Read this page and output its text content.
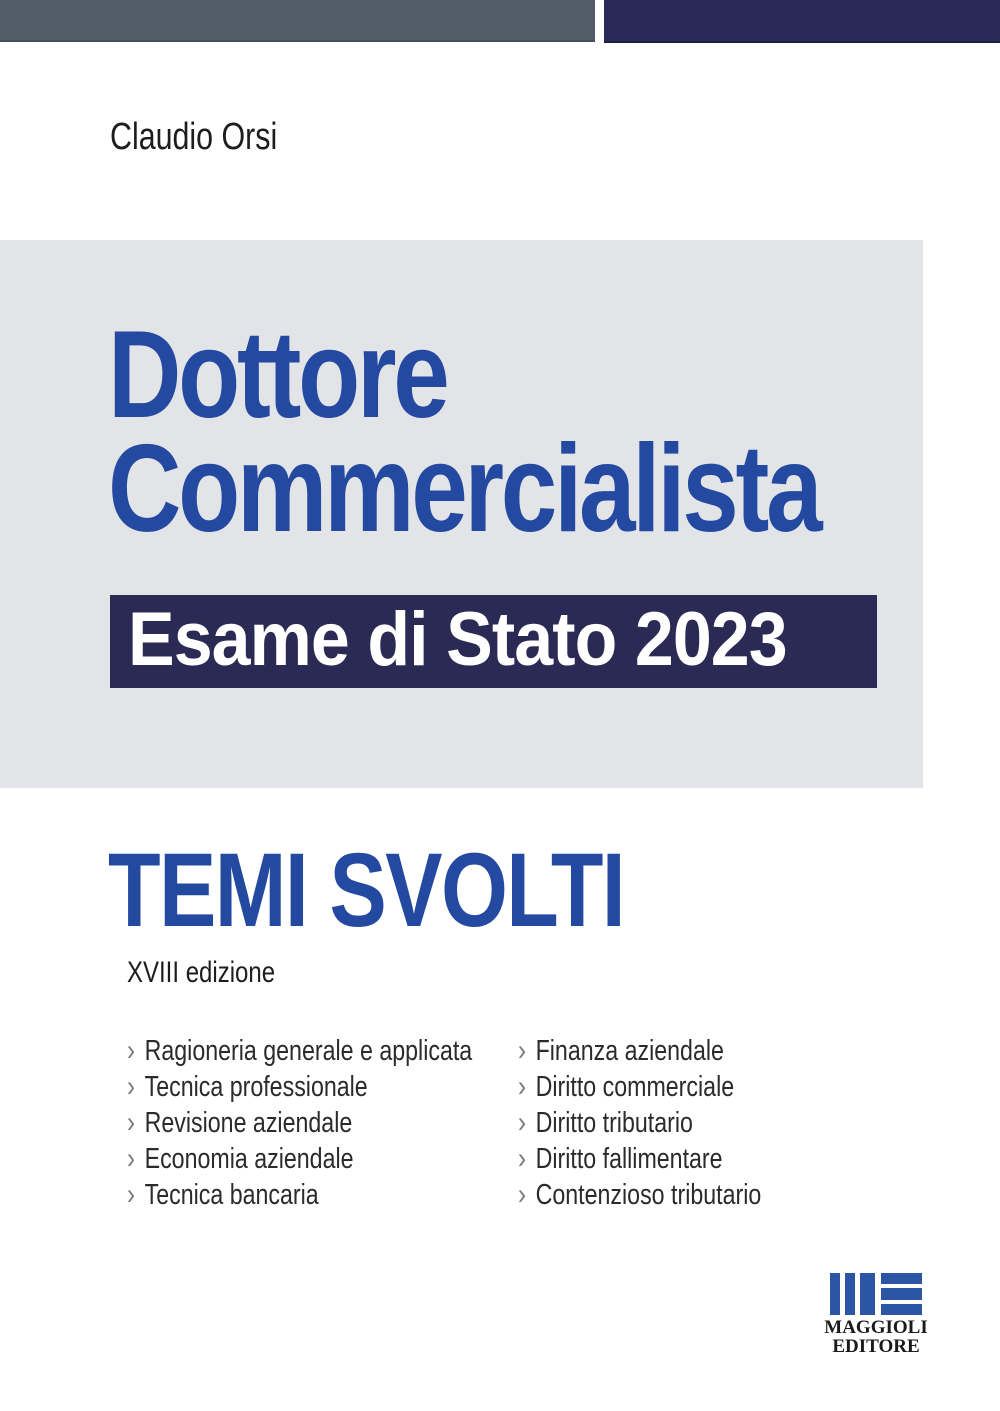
Claudio Orsi
Dottore
Commercialista
Esame di Stato 2023
TEMI SVOLTI
XVIII edizione
› Ragioneria generale e applicata
› Tecnica professionale
› Revisione aziendale
› Economia aziendale
› Tecnica bancaria
› Finanza aziendale
› Diritto commerciale
› Diritto tributario
› Diritto fallimentare
› Contenzioso tributario
MAGGIOLI
EDITORE
